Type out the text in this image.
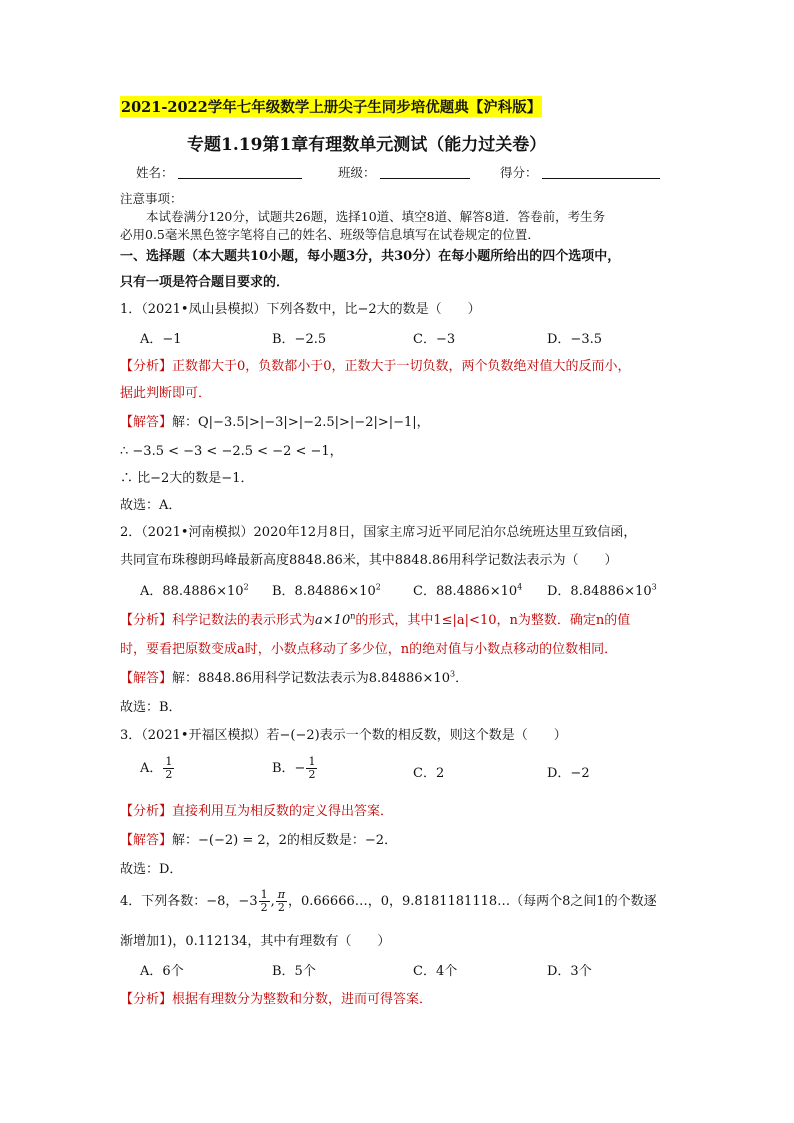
2021-2022学年七年级数学上册尖子生同步培优题典【沪科版】
专题1.19第1章有理数单元测试（能力过关卷）
姓名：	班级：	得分：
注意事项：
本试卷满分120分，试题共26题，选择10道、填空8道、解答8道．答卷前，考生务
必用0.5毫米黑色签字笔将自己的姓名、班级等信息填写在试卷规定的位置．
一、选择题（本大题共10小题，每小题3分，共30分）在每小题所给出的四个选项中，
只有一项是符合题目要求的．
1．（2021•凤山县模拟）下列各数中，比−2大的数是（　　）
A．−1	B．−2.5	C．−3	D．−3.5
【分析】正数都大于0，负数都小于0，正数大于一切负数，两个负数绝对值大的反而小，
据此判断即可．
【解答】解：Q|−3.5|>|−3|>|−2.5|>|−2|>|−1|，
∴ −3.5 < −3 < −2.5 < −2 < −1，
∴ 比−2大的数是−1．
故选：A．
2．（2021•河南模拟）2020年12月8日，国家主席习近平同尼泊尔总统班达里互致信函，
共同宣布珠穆朗玛峰最新高度8848.86米，其中8848.86用科学记数法表示为（　　）
A．$88.4886\times 10^2$ B．$8.84886\times 10^2$ C．$88.4886\times 10^4$ D．$8.84886\times 10^3$
【分析】科学记数法的表示形式为$a\times 10^n$的形式，其中1≤|a|<10，n为整数．确定n的值
时，要看把原数变成a时，小数点移动了多少位，n的绝对值与小数点移动的位数相同．
【解答】解：8848.86用科学记数法表示为$8.84886\times 10^3$．
故选：B．
3．（2021•开福区模拟）若−(−2)表示一个数的相反数，则这个数是（　　）
A． $\frac{1}{2}$	B．− $\frac{1}{2}$	C．2	D．−2
【分析】直接利用互为相反数的定义得出答案．
【解答】解：−(−2) = 2，2的相反数是：−2．
故选：D．
4．下列各数：−8，$-3 \frac{1}{2}$ , $\frac{\pi}{2}$ ，0.66666…，0，9.8181181118…（每两个8之间1的个数逐
渐增加1)，0.112134，其中有理数有（　　）
A．6个	B．5个	C．4个	D．3个
【分析】根据有理数分为整数和分数，进而可得答案．
